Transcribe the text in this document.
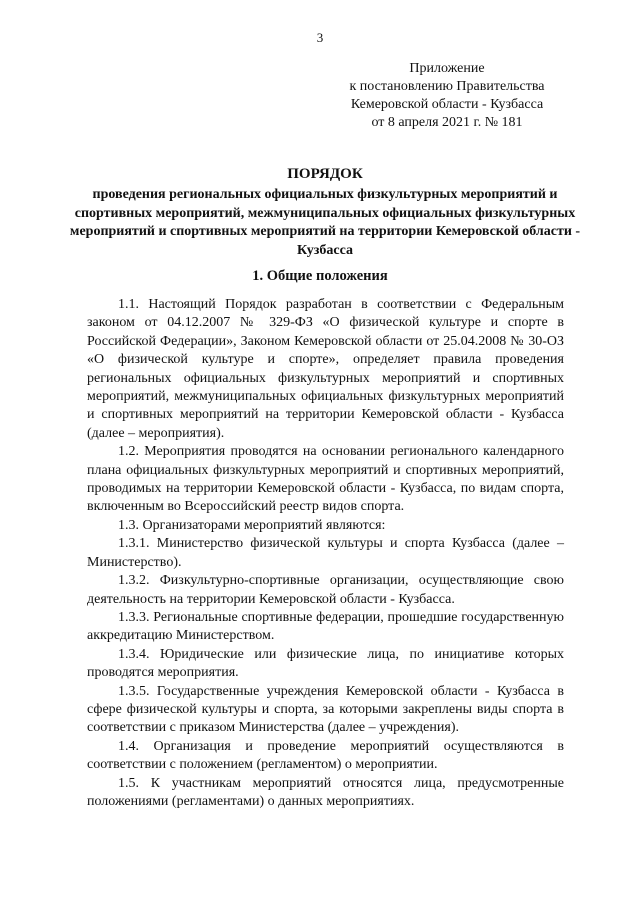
3
Приложение
к постановлению Правительства
Кемеровской области - Кузбасса
от 8 апреля 2021 г. № 181
ПОРЯДОК
проведения региональных официальных физкультурных мероприятий и спортивных мероприятий, межмуниципальных официальных физкультурных мероприятий и спортивных мероприятий на территории Кемеровской области - Кузбасса
1. Общие положения

1.1. Настоящий Порядок разработан в соответствии с Федеральным законом от 04.12.2007 № 329-ФЗ «О физической культуре и спорте в Российской Федерации», Законом Кемеровской области от 25.04.2008 № 30-ОЗ «О физической культуре и спорте», определяет правила проведения региональных официальных физкультурных мероприятий и спортивных мероприятий, межмуниципальных официальных физкультурных мероприятий и спортивных мероприятий на территории Кемеровской области - Кузбасса (далее – мероприятия).

1.2. Мероприятия проводятся на основании регионального календарного плана официальных физкультурных мероприятий и спортивных мероприятий, проводимых на территории Кемеровской области - Кузбасса, по видам спорта, включенным во Всероссийский реестр видов спорта.

1.3. Организаторами мероприятий являются:

1.3.1. Министерство физической культуры и спорта Кузбасса (далее – Министерство).

1.3.2. Физкультурно-спортивные организации, осуществляющие свою деятельность на территории Кемеровской области - Кузбасса.

1.3.3. Региональные спортивные федерации, прошедшие государственную аккредитацию Министерством.

1.3.4. Юридические или физические лица, по инициативе которых проводятся мероприятия.

1.3.5. Государственные учреждения Кемеровской области - Кузбасса в сфере физической культуры и спорта, за которыми закреплены виды спорта в соответствии с приказом Министерства (далее – учреждения).

1.4. Организация и проведение мероприятий осуществляются в соответствии с положением (регламентом) о мероприятии.

1.5. К участникам мероприятий относятся лица, предусмотренные положениями (регламентами) о данных мероприятиях.
